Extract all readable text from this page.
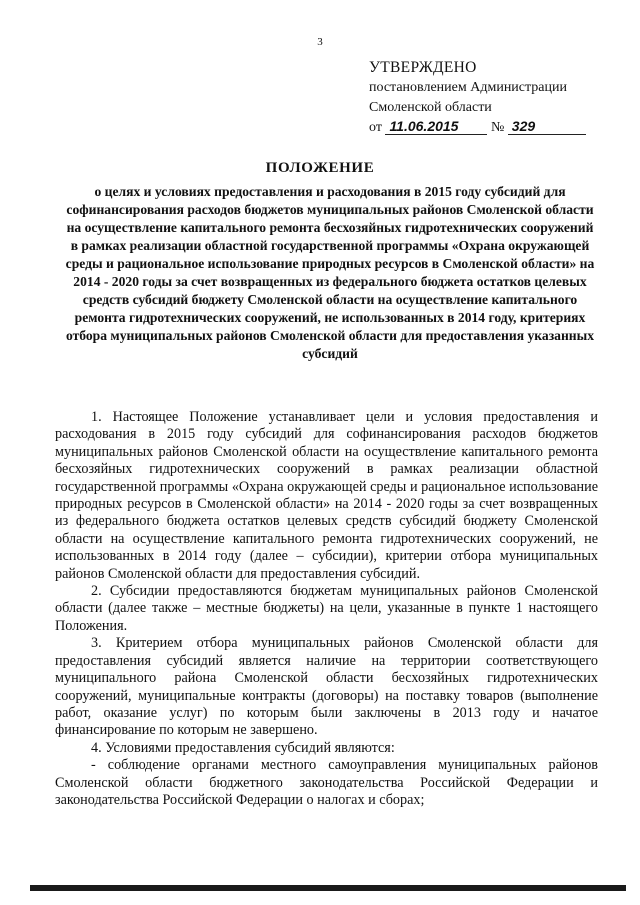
3
УТВЕРЖДЕНО
постановлением Администрации
Смоленской области
от 11.06.2015 № 329
ПОЛОЖЕНИЕ
о целях и условиях предоставления и расходования в 2015 году субсидий для софинансирования расходов бюджетов муниципальных районов Смоленской области на осуществление капитального ремонта бесхозяйных гидротехнических сооружений в рамках реализации областной государственной программы «Охрана окружающей среды и рациональное использование природных ресурсов в Смоленской области» на 2014 - 2020 годы за счет возвращенных из федерального бюджета остатков целевых средств субсидий бюджету Смоленской области на осуществление капитального ремонта гидротехнических сооружений, не использованных в 2014 году, критериях отбора муниципальных районов Смоленской области для предоставления указанных субсидий

1. Настоящее Положение устанавливает цели и условия предоставления и расходования в 2015 году субсидий для софинансирования расходов бюджетов муниципальных районов Смоленской области на осуществление капитального ремонта бесхозяйных гидротехнических сооружений в рамках реализации областной государственной программы «Охрана окружающей среды и рациональное использование природных ресурсов в Смоленской области» на 2014 - 2020 годы за счет возвращенных из федерального бюджета остатков целевых средств субсидий бюджету Смоленской области на осуществление капитального ремонта гидротехнических сооружений, не использованных в 2014 году (далее – субсидии), критерии отбора муниципальных районов Смоленской области для предоставления субсидий.

2. Субсидии предоставляются бюджетам муниципальных районов Смоленской области (далее также – местные бюджеты) на цели, указанные в пункте 1 настоящего Положения.

3. Критерием отбора муниципальных районов Смоленской области для предоставления субсидий является наличие на территории соответствующего муниципального района Смоленской области бесхозяйных гидротехнических сооружений, муниципальные контракты (договоры) на поставку товаров (выполнение работ, оказание услуг) по которым были заключены в 2013 году и начатое финансирование по которым не завершено.

4. Условиями предоставления субсидий являются:

- соблюдение органами местного самоуправления муниципальных районов Смоленской области бюджетного законодательства Российской Федерации и законодательства Российской Федерации о налогах и сборах;
